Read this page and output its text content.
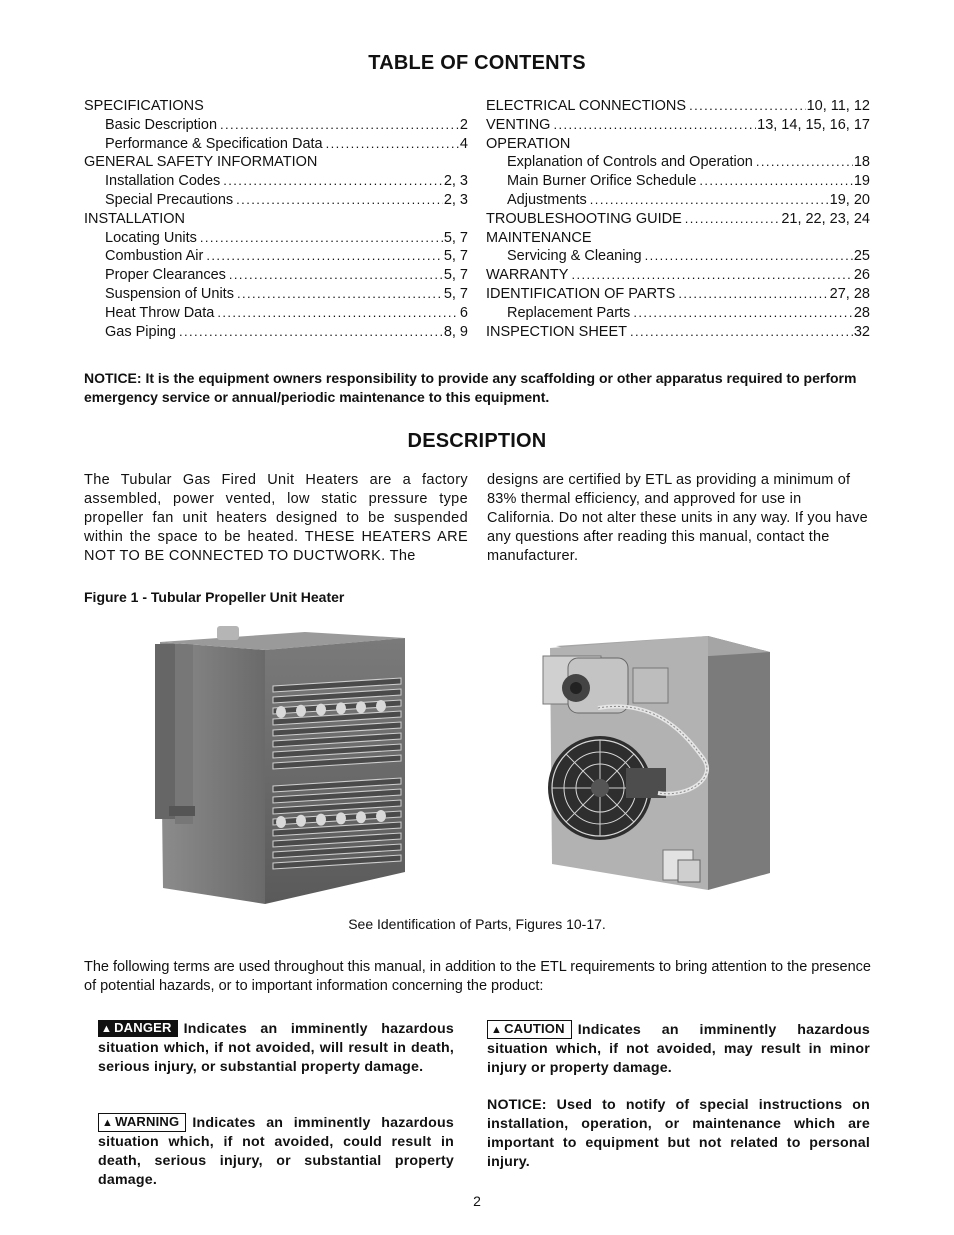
TABLE OF CONTENTS
SPECIFICATIONS
Basic Description .....	2
Performance & Specification Data .....	4
GENERAL SAFETY INFORMATION
Installation Codes .....	2, 3
Special Precautions .....	2, 3
INSTALLATION
Locating Units .....	5, 7
Combustion Air .....	5, 7
Proper Clearances .....	5, 7
Suspension of Units .....	5, 7
Heat Throw Data .....	6
Gas Piping .....	8, 9
ELECTRICAL CONNECTIONS .....	10, 11, 12
VENTING .....	13, 14, 15, 16, 17
OPERATION
Explanation of Controls and Operation .....	18
Main Burner Orifice Schedule .....	19
Adjustments .....	19, 20
TROUBLESHOOTING GUIDE .....	21, 22, 23, 24
MAINTENANCE
Servicing & Cleaning .....	25
WARRANTY .....	26
IDENTIFICATION OF PARTS .....	27, 28
Replacement Parts .....	28
INSPECTION SHEET .....	32
NOTICE: It is the equipment owners responsibility to provide any scaffolding or other apparatus required to perform emergency service or annual/periodic maintenance to this equipment.
DESCRIPTION
The Tubular Gas Fired Unit Heaters are a factory assembled, power vented, low static pressure type propeller fan unit heaters designed to be suspended within the space to be heated. THESE HEATERS ARE NOT TO BE CONNECTED TO DUCTWORK. The
designs are certified by ETL as providing a minimum of 83% thermal efficiency, and approved for use in California. Do not alter these units in any way. If you have any questions after reading this manual, contact the manufacturer.
Figure 1 - Tubular Propeller Unit Heater
See Identification of Parts, Figures 10-17.
The following terms are used throughout this manual, in addition to the ETL requirements to bring attention to the presence of potential hazards, or to important information concerning the product:
▲ DANGER Indicates an imminently hazardous situation which, if not avoided, will result in death, serious injury, or substantial property damage.
▲ WARNING Indicates an imminently hazardous situation which, if not avoided, could result in death, serious injury, or substantial property damage.
▲ CAUTION Indicates an imminently hazardous situation which, if not avoided, may result in minor injury or property damage.
NOTICE: Used to notify of special instructions on installation, operation, or maintenance which are important to equipment but not related to personal injury.
2
